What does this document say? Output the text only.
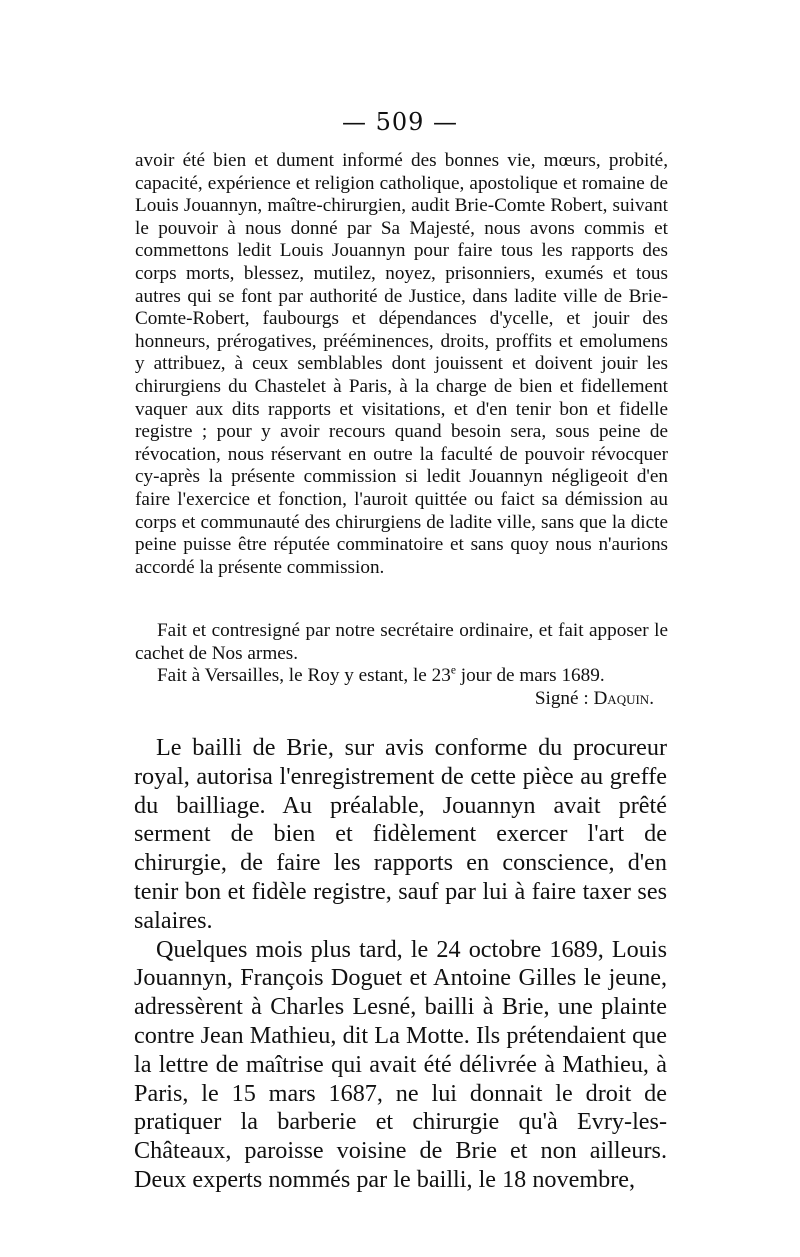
— 509 —

avoir été bien et dument informé des bonnes vie, mœurs, probité, capacité, expérience et religion catholique, apostolique et romaine de Louis Jouannyn, maître-chirurgien, audit Brie-Comte Robert, suivant le pouvoir à nous donné par Sa Majesté, nous avons commis et commettons ledit Louis Jouannyn pour faire tous les rapports des corps morts, blessez, mutilez, noyez, prisonniers, exumés et tous autres qui se font par authorité de Justice, dans ladite ville de Brie-Comte-Robert, faubourgs et dépendances d'ycelle, et jouir des honneurs, prérogatives, prééminences, droits, proffits et emolumens y attribuez, à ceux semblables dont jouissent et doivent jouir les chirurgiens du Chastelet à Paris, à la charge de bien et fidellement vaquer aux dits rapports et visitations, et d'en tenir bon et fidelle registre ; pour y avoir recours quand besoin sera, sous peine de révocation, nous réservant en outre la faculté de pouvoir révocquer cy-après la présente commission si ledit Jouannyn négligeoit d'en faire l'exercice et fonction, l'auroit quittée ou faict sa démission au corps et communauté des chirurgiens de ladite ville, sans que la dicte peine puisse être réputée comminatoire et sans quoy nous n'aurions accordé la présente commission.

Fait et contresigné par notre secrétaire ordinaire, et fait apposer le cachet de Nos armes.

Fait à Versailles, le Roy y estant, le 23e jour de mars 1689.

Signé : Daquin.

Le bailli de Brie, sur avis conforme du procureur royal, autorisa l'enregistrement de cette pièce au greffe du bailliage. Au préalable, Jouannyn avait prêté serment de bien et fidèlement exercer l'art de chirurgie, de faire les rapports en conscience, d'en tenir bon et fidèle registre, sauf par lui à faire taxer ses salaires.

Quelques mois plus tard, le 24 octobre 1689, Louis Jouannyn, François Doguet et Antoine Gilles le jeune, adressèrent à Charles Lesné, bailli à Brie, une plainte contre Jean Mathieu, dit La Motte. Ils prétendaient que la lettre de maîtrise qui avait été délivrée à Mathieu, à Paris, le 15 mars 1687, ne lui donnait le droit de pratiquer la barberie et chirurgie qu'à Evry-les-Châteaux, paroisse voisine de Brie et non ailleurs. Deux experts nommés par le bailli, le 18 novembre,
